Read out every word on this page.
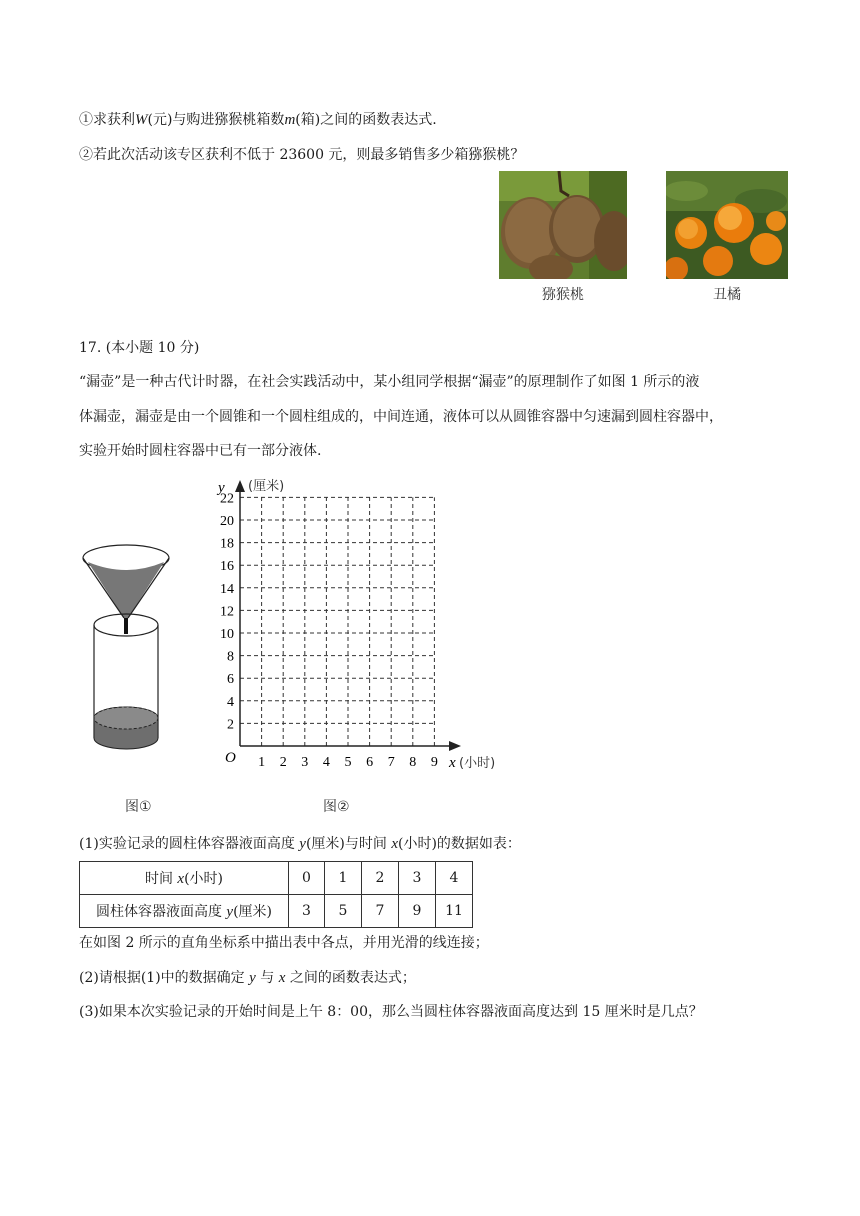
①求获利W(元)与购进猕猴桃箱数m(箱)之间的函数表达式.
②若此次活动该专区获利不低于 23600 元，则最多销售多少箱猕猴桃？
猕猴桃	丑橘
17. (本小题 10 分)
“漏壶”是一种古代计时器，在社会实践活动中，某小组同学根据“漏壶”的原理制作了如图 1 所示的液
体漏壶，漏壶是由一个圆锥和一个圆柱组成的，中间连通，液体可以从圆锥容器中匀速漏到圆柱容器中，
实验开始时圆柱容器中已有一部分液体.
图①
y (厘米)
x (小时)
O 1 2 3 4 5 6 7 8 9
2
4
6
8
10
12
14
16
18
20
22
图②
(1)实验记录的圆柱体容器液面高度 y(厘米)与时间 x(小时)的数据如表：
时间 x(小时)	0	1	2	3	4
圆柱体容器液面高度 y(厘米)	3	5	7	9	11
在如图 2 所示的直角坐标系中描出表中各点，并用光滑的线连接；
(2)请根据(1)中的数据确定 y 与 x 之间的函数表达式；
(3)如果本次实验记录的开始时间是上午 8：00，那么当圆柱体容器液面高度达到 15 厘米时是几点？
